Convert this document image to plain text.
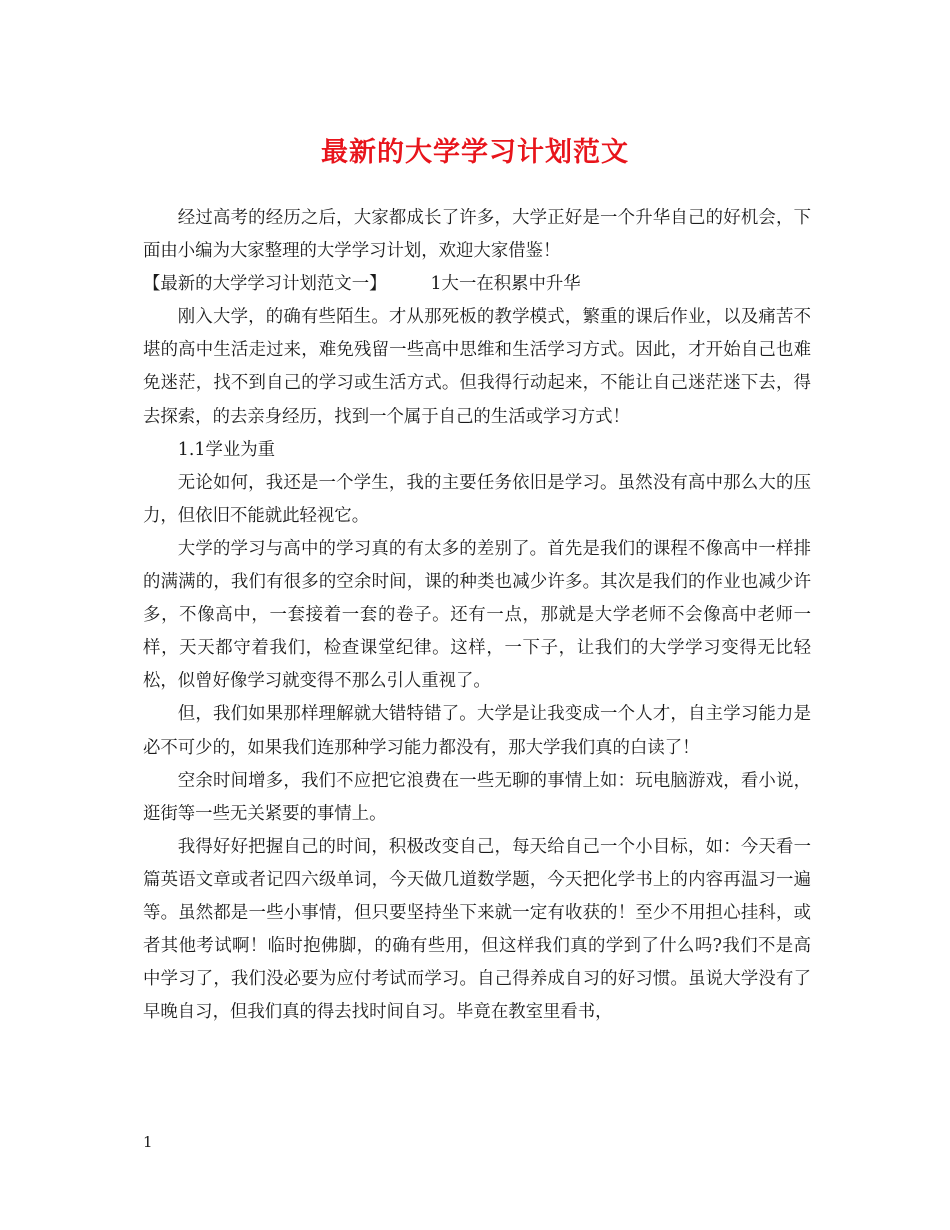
最新的大学学习计划范文

经过高考的经历之后，大家都成长了许多，大学正好是一个升华自己的好机会，下面由小编为大家整理的大学学习计划，欢迎大家借鉴！

【最新的大学学习计划范文一】	1大一在积累中升华

刚入大学，的确有些陌生。才从那死板的教学模式，繁重的课后作业，以及痛苦不堪的高中生活走过来，难免残留一些高中思维和生活学习方式。因此，才开始自己也难免迷茫，找不到自己的学习或生活方式。但我得行动起来，不能让自己迷茫迷下去，得去探索，的去亲身经历，找到一个属于自己的生活或学习方式！

1.1学业为重

无论如何，我还是一个学生，我的主要任务依旧是学习。虽然没有高中那么大的压力，但依旧不能就此轻视它。

大学的学习与高中的学习真的有太多的差别了。首先是我们的课程不像高中一样排的满满的，我们有很多的空余时间，课的种类也减少许多。其次是我们的作业也减少许多，不像高中，一套接着一套的卷子。还有一点，那就是大学老师不会像高中老师一样，天天都守着我们，检查课堂纪律。这样，一下子，让我们的大学学习变得无比轻松，似曾好像学习就变得不那么引人重视了。

但，我们如果那样理解就大错特错了。大学是让我变成一个人才，自主学习能力是必不可少的，如果我们连那种学习能力都没有，那大学我们真的白读了！

空余时间增多，我们不应把它浪费在一些无聊的事情上如：玩电脑游戏，看小说，逛街等一些无关紧要的事情上。

我得好好把握自己的时间，积极改变自己，每天给自己一个小目标，如：今天看一篇英语文章或者记四六级单词，今天做几道数学题，今天把化学书上的内容再温习一遍等。虽然都是一些小事情，但只要坚持坐下来就一定有收获的！至少不用担心挂科，或者其他考试啊！临时抱佛脚，的确有些用，但这样我们真的学到了什么吗?我们不是高中学习了，我们没必要为应付考试而学习。自己得养成自习的好习惯。虽说大学没有了早晚自习，但我们真的得去找时间自习。毕竟在教室里看书，

1
